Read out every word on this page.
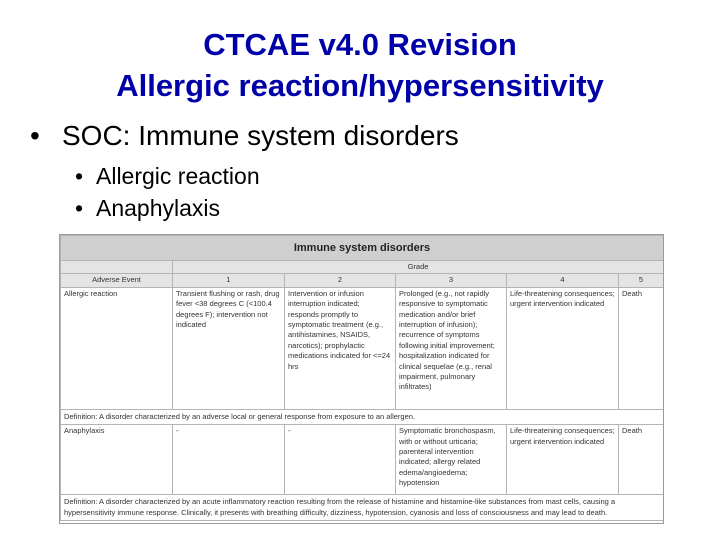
CTCAE v4.0 Revision
Allergic reaction/hypersensitivity
• SOC: Immune system disorders
• Allergic reaction
• Anaphylaxis
Immune system disorders					
	Grade				
Adverse Event	1	2	3	4	5
Allergic reaction	Transient flushing or rash, drug fever <38 degrees C (<100.4 degrees F); intervention not indicated	Intervention or infusion interruption indicated; responds promptly to symptomatic treatment (e.g., antihistamines, NSAIDS, narcotics); prophylactic medications indicated for <=24 hrs	Prolonged (e.g., not rapidly responsive to symptomatic medication and/or brief interruption of infusion); recurrence of symptoms following initial improvement; hospitalization indicated for clinical sequelae (e.g., renal impairment, pulmonary infiltrates)	Life-threatening consequences; urgent intervention indicated	Death
Definition: A disorder characterized by an adverse local or general response from exposure to an allergen.					
Anaphylaxis	-	-	Symptomatic bronchospasm, with or without urticaria; parenteral intervention indicated; allergy related edema/angioedema; hypotension	Life-threatening consequences; urgent intervention indicated	Death
Definition: A disorder characterized by an acute inflammatory reaction resulting from the release of histamine and histamine-like substances from mast cells, causing a hypersensitivity immune response. Clinically, it presents with breathing difficulty, dizziness, hypotension, cyanosis and loss of consciousness and may lead to death.					
